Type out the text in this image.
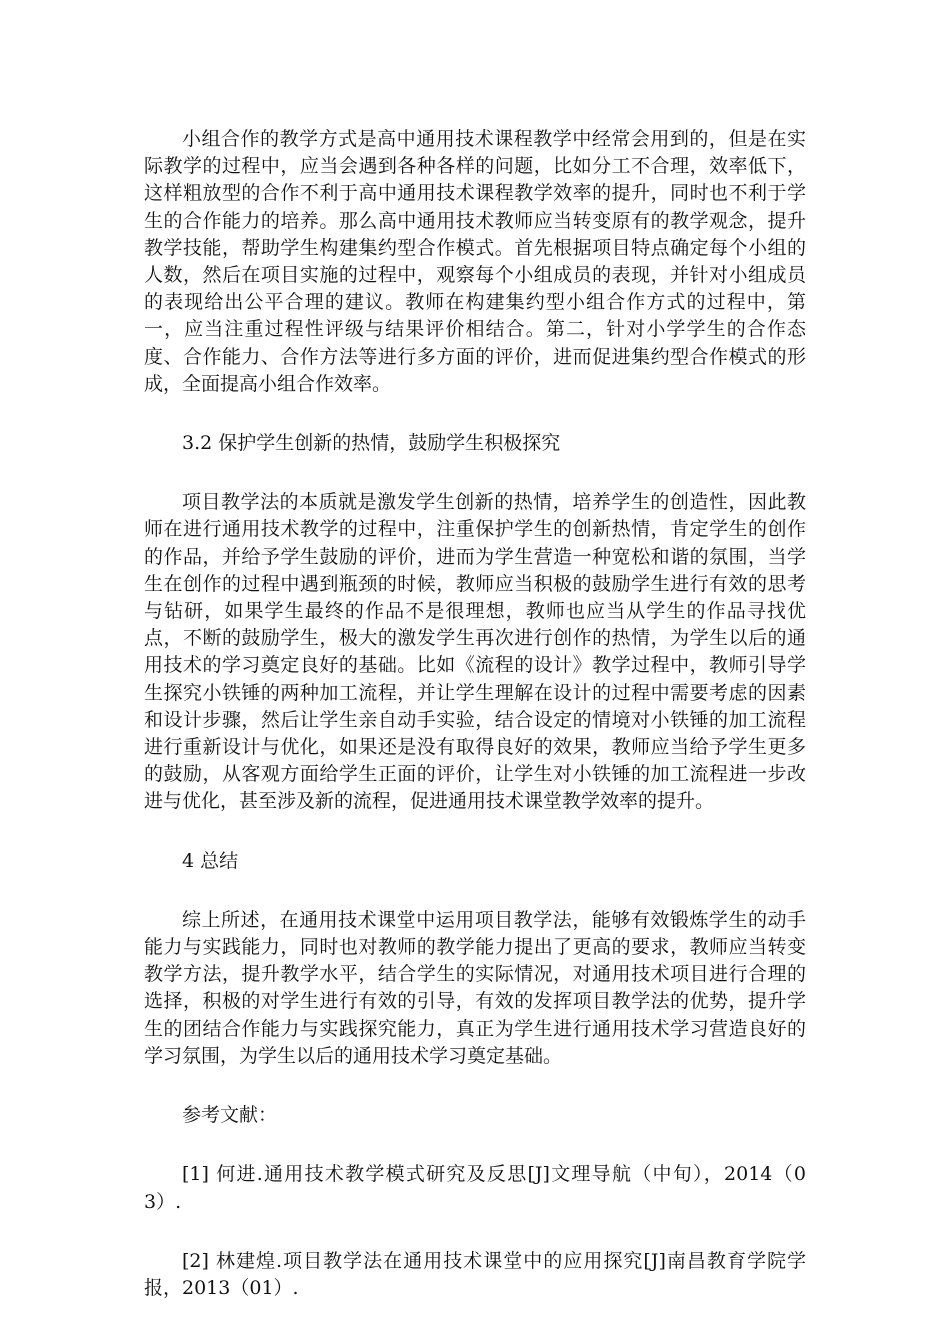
小组合作的教学方式是高中通用技术课程教学中经常会用到的，但是在实际教学的过程中，应当会遇到各种各样的问题，比如分工不合理，效率低下，这样粗放型的合作不利于高中通用技术课程教学效率的提升，同时也不利于学生的合作能力的培养。那么高中通用技术教师应当转变原有的教学观念，提升教学技能，帮助学生构建集约型合作模式。首先根据项目特点确定每个小组的人数，然后在项目实施的过程中，观察每个小组成员的表现，并针对小组成员的表现给出公平合理的建议。教师在构建集约型小组合作方式的过程中，第一，应当注重过程性评级与结果评价相结合。第二，针对小学学生的合作态度、合作能力、合作方法等进行多方面的评价，进而促进集约型合作模式的形成，全面提高小组合作效率。

3.2 保护学生创新的热情，鼓励学生积极探究

项目教学法的本质就是激发学生创新的热情，培养学生的创造性，因此教师在进行通用技术教学的过程中，注重保护学生的创新热情，肯定学生的创作的作品，并给予学生鼓励的评价，进而为学生营造一种宽松和谐的氛围，当学生在创作的过程中遇到瓶颈的时候，教师应当积极的鼓励学生进行有效的思考与钻研，如果学生最终的作品不是很理想，教师也应当从学生的作品寻找优点，不断的鼓励学生，极大的激发学生再次进行创作的热情，为学生以后的通用技术的学习奠定良好的基础。比如《流程的设计》教学过程中，教师引导学生探究小铁锤的两种加工流程，并让学生理解在设计的过程中需要考虑的因素和设计步骤，然后让学生亲自动手实验，结合设定的情境对小铁锤的加工流程进行重新设计与优化，如果还是没有取得良好的效果，教师应当给予学生更多的鼓励，从客观方面给学生正面的评价，让学生对小铁锤的加工流程进一步改进与优化，甚至涉及新的流程，促进通用技术课堂教学效率的提升。

4 总结

综上所述，在通用技术课堂中运用项目教学法，能够有效锻炼学生的动手能力与实践能力，同时也对教师的教学能力提出了更高的要求，教师应当转变教学方法，提升教学水平，结合学生的实际情况，对通用技术项目进行合理的选择，积极的对学生进行有效的引导，有效的发挥项目教学法的优势，提升学生的团结合作能力与实践探究能力，真正为学生进行通用技术学习营造良好的学习氛围，为学生以后的通用技术学习奠定基础。

参考文献：

[1] 何进.通用技术教学模式研究及反思[J]文理导航（中旬），2014（03）.

[2] 林建煌.项目教学法在通用技术课堂中的应用探究[J]南昌教育学院学报，2013（01）.
